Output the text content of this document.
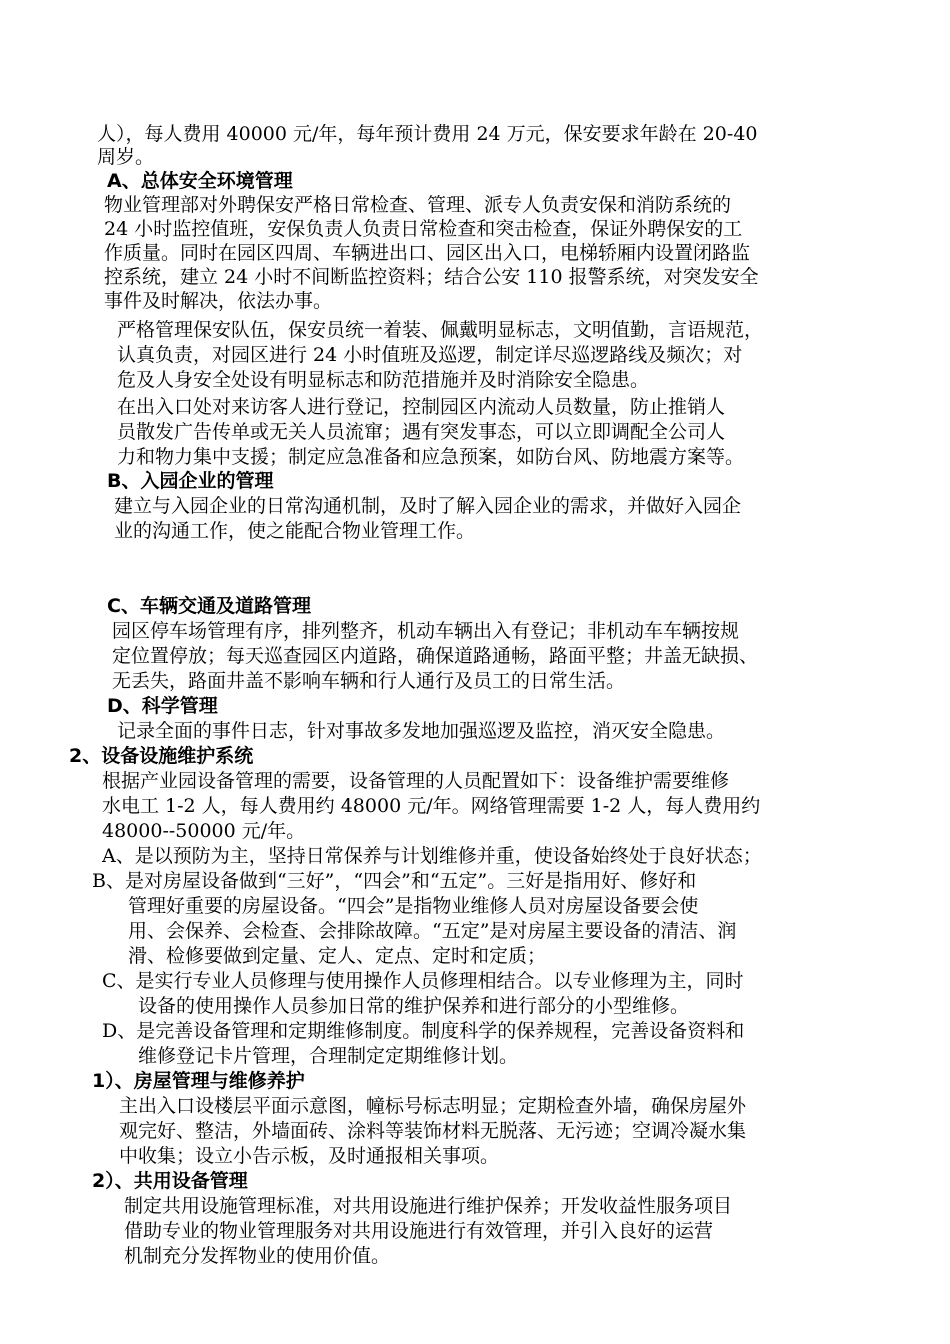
人），每人费用 40000 元/年，每年预计费用 24 万元，保安要求年龄在 20-40
周岁。
A、总体安全环境管理
物业管理部对外聘保安严格日常检查、管理、派专人负责安保和消防系统的
24 小时监控值班，安保负责人负责日常检查和突击检查，保证外聘保安的工
作质量。同时在园区四周、车辆进出口、园区出入口，电梯轿厢内设置闭路监
控系统，建立 24 小时不间断监控资料；结合公安 110 报警系统，对突发安全
事件及时解决，依法办事。
严格管理保安队伍，保安员统一着装、佩戴明显标志，文明值勤，言语规范，
认真负责，对园区进行 24 小时值班及巡逻，制定详尽巡逻路线及频次；对
危及人身安全处设有明显标志和防范措施并及时消除安全隐患。
在出入口处对来访客人进行登记，控制园区内流动人员数量，防止推销人
员散发广告传单或无关人员流窜；遇有突发事态，可以立即调配全公司人
力和物力集中支援；制定应急准备和应急预案，如防台风、防地震方案等。
B、入园企业的管理
建立与入园企业的日常沟通机制，及时了解入园企业的需求，并做好入园企
业的沟通工作，使之能配合物业管理工作。
C、车辆交通及道路管理
园区停车场管理有序，排列整齐，机动车辆出入有登记；非机动车车辆按规
定位置停放；每天巡查园区内道路，确保道路通畅，路面平整；井盖无缺损、
无丢失，路面井盖不影响车辆和行人通行及员工的日常生活。
D、科学管理
记录全面的事件日志，针对事故多发地加强巡逻及监控，消灭安全隐患。
2、设备设施维护系统
根据产业园设备管理的需要，设备管理的人员配置如下：设备维护需要维修
水电工 1-2 人，每人费用约 48000 元/年。网络管理需要 1-2 人，每人费用约
48000--50000 元/年。
A、是以预防为主，坚持日常保养与计划维修并重，使设备始终处于良好状态；
B、是对房屋设备做到“三好”，“四会”和“五定”。三好是指用好、修好和
管理好重要的房屋设备。“四会”是指物业维修人员对房屋设备要会使
用、会保养、会检查、会排除故障。“五定”是对房屋主要设备的清洁、润
滑、检修要做到定量、定人、定点、定时和定质；
C、是实行专业人员修理与使用操作人员修理相结合。以专业修理为主，同时
设备的使用操作人员参加日常的维护保养和进行部分的小型维修。
D、是完善设备管理和定期维修制度。制度科学的保养规程，完善设备资料和
维修登记卡片管理，合理制定定期维修计划。
1）、房屋管理与维修养护
主出入口设楼层平面示意图，幢标号标志明显；定期检查外墙，确保房屋外
观完好、整洁，外墙面砖、涂料等装饰材料无脱落、无污迹；空调冷凝水集
中收集；设立小告示板，及时通报相关事项。
2）、共用设备管理
制定共用设施管理标准，对共用设施进行维护保养；开发收益性服务项目
借助专业的物业管理服务对共用设施进行有效管理，并引入良好的运营
机制充分发挥物业的使用价值。
